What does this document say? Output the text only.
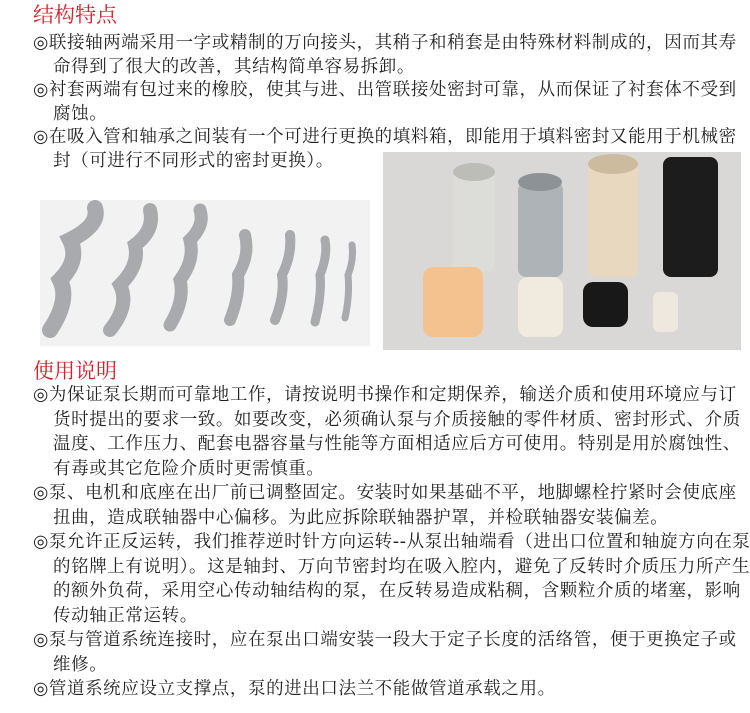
结构特点
◎联接轴两端采用一字或精制的万向接头，其稍子和稍套是由特殊材料制成的，因而其寿
命得到了很大的改善，其结构简单容易拆卸。
◎衬套两端有包过来的橡胶，使其与进、出管联接处密封可靠，从而保证了衬套体不受到
腐蚀。
◎在吸入管和轴承之间装有一个可进行更换的填料箱，即能用于填料密封又能用于机械密
封（可进行不同形式的密封更换）。
使用说明
◎为保证泵长期而可靠地工作，请按说明书操作和定期保养，输送介质和使用环境应与订
货时提出的要求一致。如要改变，必须确认泵与介质接触的零件材质、密封形式、介质
温度、工作压力、配套电器容量与性能等方面相适应后方可使用。特别是用於腐蚀性、
有毒或其它危险介质时更需慎重。
◎泵、电机和底座在出厂前已调整固定。安装时如果基础不平，地脚螺栓拧紧时会使底座
扭曲，造成联轴器中心偏移。为此应拆除联轴器护罩，并检联轴器安装偏差。
◎泵允许正反运转，我们推荐逆时针方向运转--从泵出轴端看（进出口位置和轴旋方向在泵
的铭牌上有说明）。这是轴封、万向节密封均在吸入腔内，避免了反转时介质压力所产生
的额外负荷，采用空心传动轴结构的泵，在反转易造成粘稠，含颗粒介质的堵塞，影响
传动轴正常运转。
◎泵与管道系统连接时，应在泵出口端安装一段大于定子长度的活络管，便于更换定子或
维修。
◎管道系统应设立支撑点，泵的进出口法兰不能做管道承载之用。
